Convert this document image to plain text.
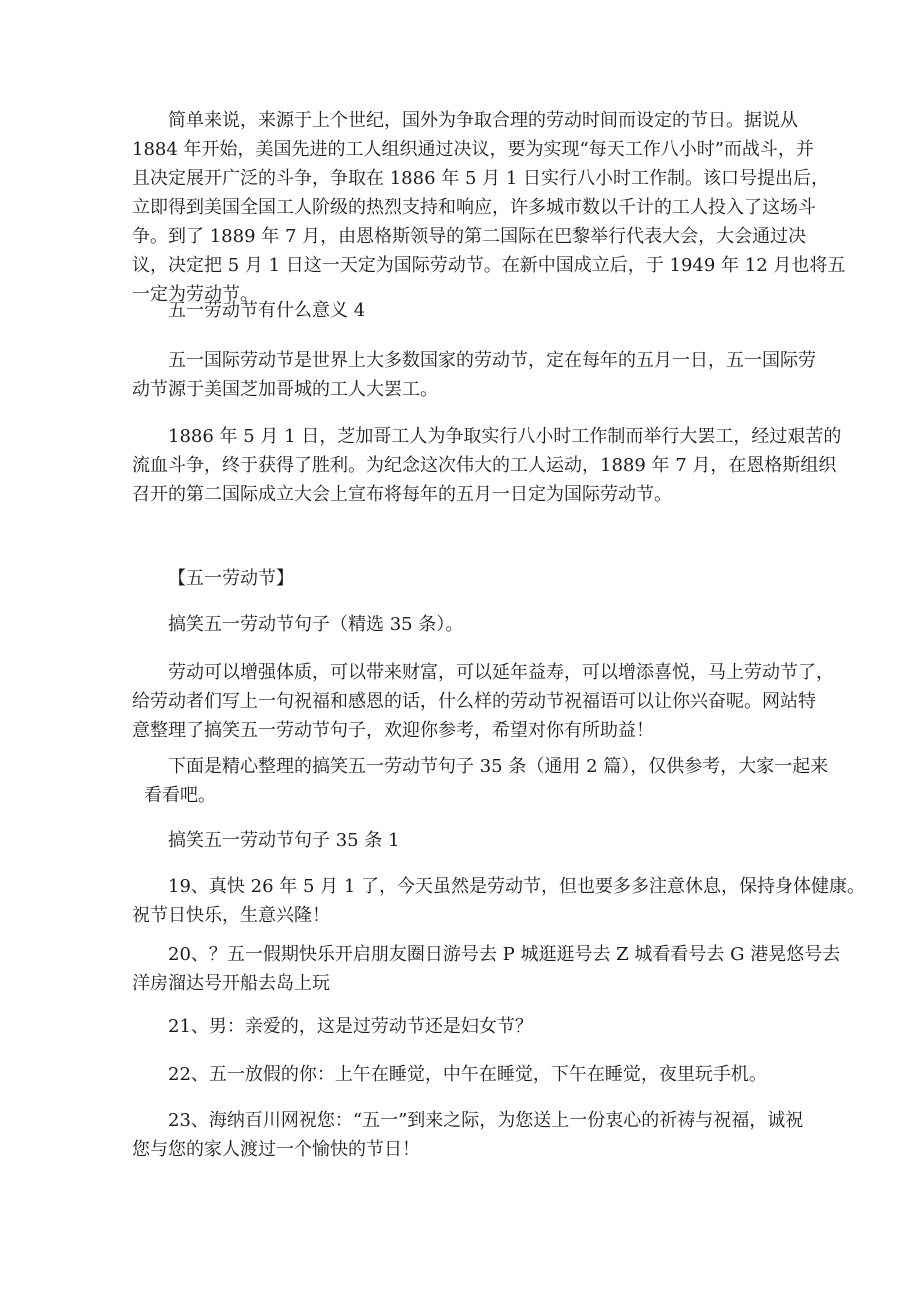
简单来说，来源于上个世纪，国外为争取合理的劳动时间而设定的节日。据说从
1884 年开始，美国先进的工人组织通过决议，要为实现“每天工作八小时”而战斗，并
且决定展开广泛的斗争，争取在 1886 年 5 月 1 日实行八小时工作制。该口号提出后，
立即得到美国全国工人阶级的热烈支持和响应，许多城市数以千计的工人投入了这场斗
争。到了 1889 年 7 月，由恩格斯领导的第二国际在巴黎举行代表大会，大会通过决
议，决定把 5 月 1 日这一天定为国际劳动节。在新中国成立后，于 1949 年 12 月也将五
一定为劳动节。
五一劳动节有什么意义 4
五一国际劳动节是世界上大多数国家的劳动节，定在每年的五月一日，五一国际劳
动节源于美国芝加哥城的工人大罢工。
1886 年 5 月 1 日，芝加哥工人为争取实行八小时工作制而举行大罢工，经过艰苦的
流血斗争，终于获得了胜利。为纪念这次伟大的工人运动，1889 年 7 月，在恩格斯组织
召开的第二国际成立大会上宣布将每年的五月一日定为国际劳动节。
【五一劳动节】
搞笑五一劳动节句子（精选 35 条）。
劳动可以增强体质，可以带来财富，可以延年益寿，可以增添喜悦，马上劳动节了，
给劳动者们写上一句祝福和感恩的话，什么样的劳动节祝福语可以让你兴奋呢。网站特
意整理了搞笑五一劳动节句子，欢迎你参考，希望对你有所助益！
下面是精心整理的搞笑五一劳动节句子 35 条（通用 2 篇），仅供参考，大家一起来
看看吧。
搞笑五一劳动节句子 35 条 1
19、真快 26 年 5 月 1 了，今天虽然是劳动节，但也要多多注意休息，保持身体健康。
祝节日快乐，生意兴隆！
20、？五一假期快乐开启朋友圈日游号去 P 城逛逛号去 Z 城看看号去 G 港晃悠号去
洋房溜达号开船去岛上玩
21、男：亲爱的，这是过劳动节还是妇女节？
22、五一放假的你：上午在睡觉，中午在睡觉，下午在睡觉，夜里玩手机。
23、海纳百川网祝您：“五一”到来之际，为您送上一份衷心的祈祷与祝福，诚祝
您与您的家人渡过一个愉快的节日！
